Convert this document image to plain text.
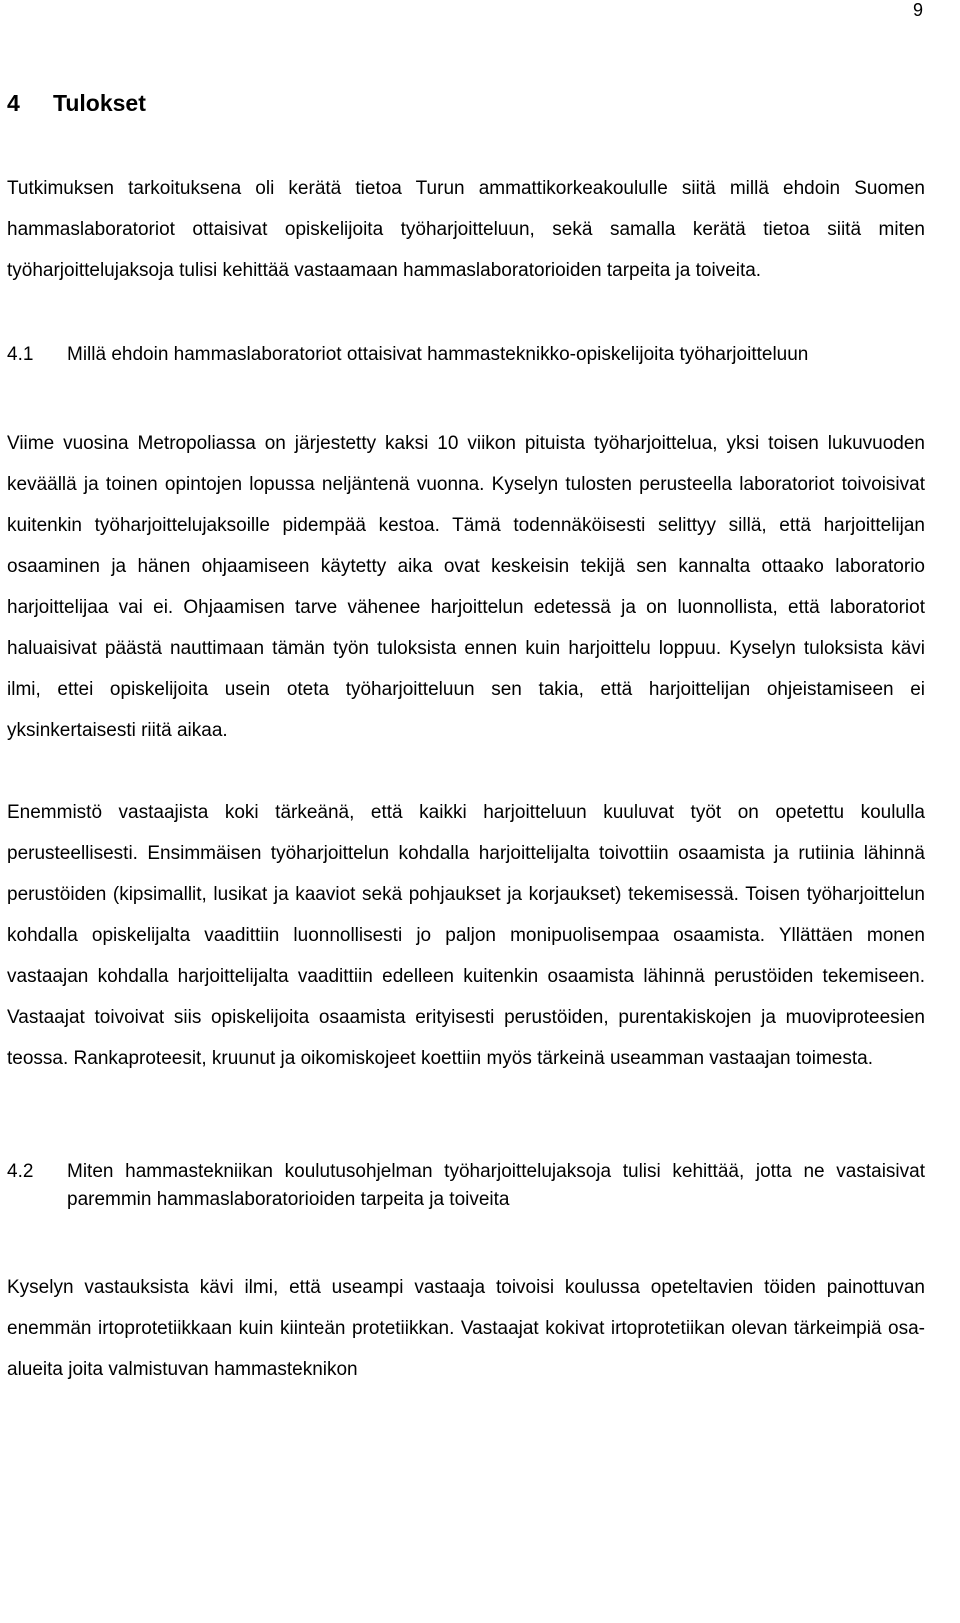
9
4 Tulokset

Tutkimuksen tarkoituksena oli kerätä tietoa Turun ammattikorkeakoululle siitä millä ehdoin Suomen hammaslaboratoriot ottaisivat opiskelijoita työharjoitteluun, sekä samalla kerätä tietoa siitä miten työharjoittelujaksoja tulisi kehittää vastaamaan hammaslaboratorioiden tarpeita ja toiveita.

4.1	Millä ehdoin hammaslaboratoriot ottaisivat hammasteknikko-opiskelijoita työharjoitteluun

Viime vuosina Metropoliassa on järjestetty kaksi 10 viikon pituista työharjoittelua, yksi toisen lukuvuoden keväällä ja toinen opintojen lopussa neljäntenä vuonna. Kyselyn tulosten perusteella laboratoriot toivoisivat kuitenkin työharjoittelujaksoille pidempää kestoa. Tämä todennäköisesti selittyy sillä, että harjoittelijan osaaminen ja hänen ohjaamiseen käytetty aika ovat keskeisin tekijä sen kannalta ottaako laboratorio harjoittelijaa vai ei. Ohjaamisen tarve vähenee harjoittelun edetessä ja on luonnollista, että laboratoriot haluaisivat päästä nauttimaan tämän työn tuloksista ennen kuin harjoittelu loppuu. Kyselyn tuloksista kävi ilmi, ettei opiskelijoita usein oteta työharjoitteluun sen takia, että harjoittelijan ohjeistamiseen ei yksinkertaisesti riitä aikaa.

Enemmistö vastaajista koki tärkeänä, että kaikki harjoitteluun kuuluvat työt on opetettu koululla perusteellisesti. Ensimmäisen työharjoittelun kohdalla harjoittelijalta toivottiin osaamista ja rutiinia lähinnä perustöiden (kipsimallit, lusikat ja kaaviot sekä pohjaukset ja korjaukset) tekemisessä. Toisen työharjoittelun kohdalla opiskelijalta vaadittiin luonnollisesti jo paljon monipuolisempaa osaamista. Yllättäen monen vastaajan kohdalla harjoittelijalta vaadittiin edelleen kuitenkin osaamista lähinnä perustöiden tekemiseen. Vastaajat toivoivat siis opiskelijoita osaamista erityisesti perustöiden, purentakiskojen ja muoviproteesien teossa. Rankaproteesit, kruunut ja oikomiskojeet koettiin myös tärkeinä useamman vastaajan toimesta.

4.2	Miten hammastekniikan koulutusohjelman työharjoittelujaksoja tulisi kehittää, jotta ne vastaisivat paremmin hammaslaboratorioiden tarpeita ja toiveita

Kyselyn vastauksista kävi ilmi, että useampi vastaaja toivoisi koulussa opeteltavien töiden painottuvan enemmän irtoprotetiikkaan kuin kiinteän protetiikkan. Vastaajat kokivat irtoprotetiikan olevan tärkeimpiä osa-alueita joita valmistuvan hammasteknikon
